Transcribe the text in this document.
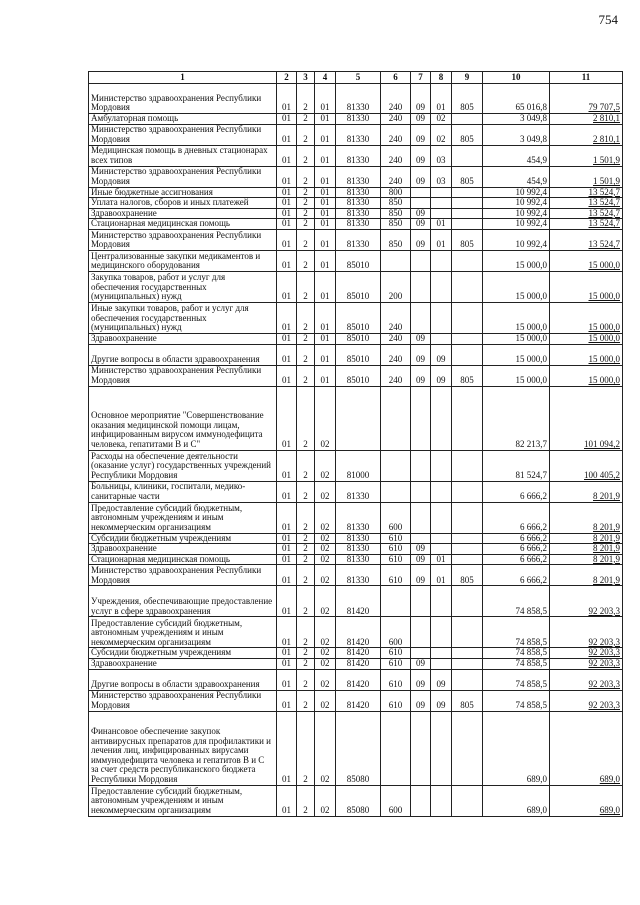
754
1	2	3	4	5	6	7	8	9	10	11
Министерство здравоохранения Республики Мордовия	01	2	01	81330	240	09	01	805	65 016,8	79 707,5
Амбулаторная помощь	01	2	01	81330	240	09	02		3 049,8	2 810,1
Министерство здравоохранения Республики Мордовия	01	2	01	81330	240	09	02	805	3 049,8	2 810,1
Медицинская помощь в дневных стационарах всех типов	01	2	01	81330	240	09	03		454,9	1 501,9
Министерство здравоохранения Республики Мордовия	01	2	01	81330	240	09	03	805	454,9	1 501,9
Иные бюджетные ассигнования	01	2	01	81330	800				10 992,4	13 524,7
Уплата налогов, сборов и иных платежей	01	2	01	81330	850				10 992,4	13 524,7
Здравоохранение	01	2	01	81330	850	09			10 992,4	13 524,7
Стационарная медицинская помощь	01	2	01	81330	850	09	01		10 992,4	13 524,7
Министерство здравоохранения Республики Мордовия	01	2	01	81330	850	09	01	805	10 992,4	13 524,7
Централизованные закупки медикаментов и медицинского оборудования	01	2	01	85010					15 000,0	15 000,0
Закупка товаров, работ и услуг для обеспечения государственных (муниципальных) нужд	01	2	01	85010	200				15 000,0	15 000,0
Иные закупки товаров, работ и услуг для обеспечения государственных (муниципальных) нужд	01	2	01	85010	240				15 000,0	15 000,0
Здравоохранение	01	2	01	85010	240	09			15 000,0	15 000,0
Другие вопросы в области здравоохранения	01	2	01	85010	240	09	09		15 000,0	15 000,0
Министерство здравоохранения Республики Мордовия	01	2	01	85010	240	09	09	805	15 000,0	15 000,0
Основное мероприятие "Совершенствование оказания медицинской помощи лицам, инфицированным вирусом иммунодефицита человека, гепатитами В и С"	01	2	02						82 213,7	101 094,2
Расходы на обеспечение деятельности (оказание услуг) государственных учреждений Республики Мордовия	01	2	02	81000					81 524,7	100 405,2
Больницы, клиники, госпитали, медико-санитарные части	01	2	02	81330					6 666,2	8 201,9
Предоставление субсидий бюджетным, автономным учреждениям и иным некоммерческим организациям	01	2	02	81330	600				6 666,2	8 201,9
Субсидии бюджетным учреждениям	01	2	02	81330	610				6 666,2	8 201,9
Здравоохранение	01	2	02	81330	610	09			6 666,2	8 201,9
Стационарная медицинская помощь	01	2	02	81330	610	09	01		6 666,2	8 201,9
Министерство здравоохранения Республики Мордовия	01	2	02	81330	610	09	01	805	6 666,2	8 201,9
Учреждения, обеспечивающие предоставление услуг в сфере здравоохранения	01	2	02	81420					74 858,5	92 203,3
Предоставление субсидий бюджетным, автономным учреждениям и иным некоммерческим организациям	01	2	02	81420	600				74 858,5	92 203,3
Субсидии бюджетным учреждениям	01	2	02	81420	610				74 858,5	92 203,3
Здравоохранение	01	2	02	81420	610	09			74 858,5	92 203,3
Другие вопросы в области здравоохранения	01	2	02	81420	610	09	09		74 858,5	92 203,3
Министерство здравоохранения Республики Мордовия	01	2	02	81420	610	09	09	805	74 858,5	92 203,3
Финансовое обеспечение закупок антивирусных препаратов для профилактики и лечения лиц, инфицированных вирусами иммунодефицита человека и гепатитов В и С за счет средств республиканского бюджета Республики Мордовия	01	2	02	85080					689,0	689,0
Предоставление субсидий бюджетным, автономным учреждениям и иным некоммерческим организациям	01	2	02	85080	600				689,0	689,0
